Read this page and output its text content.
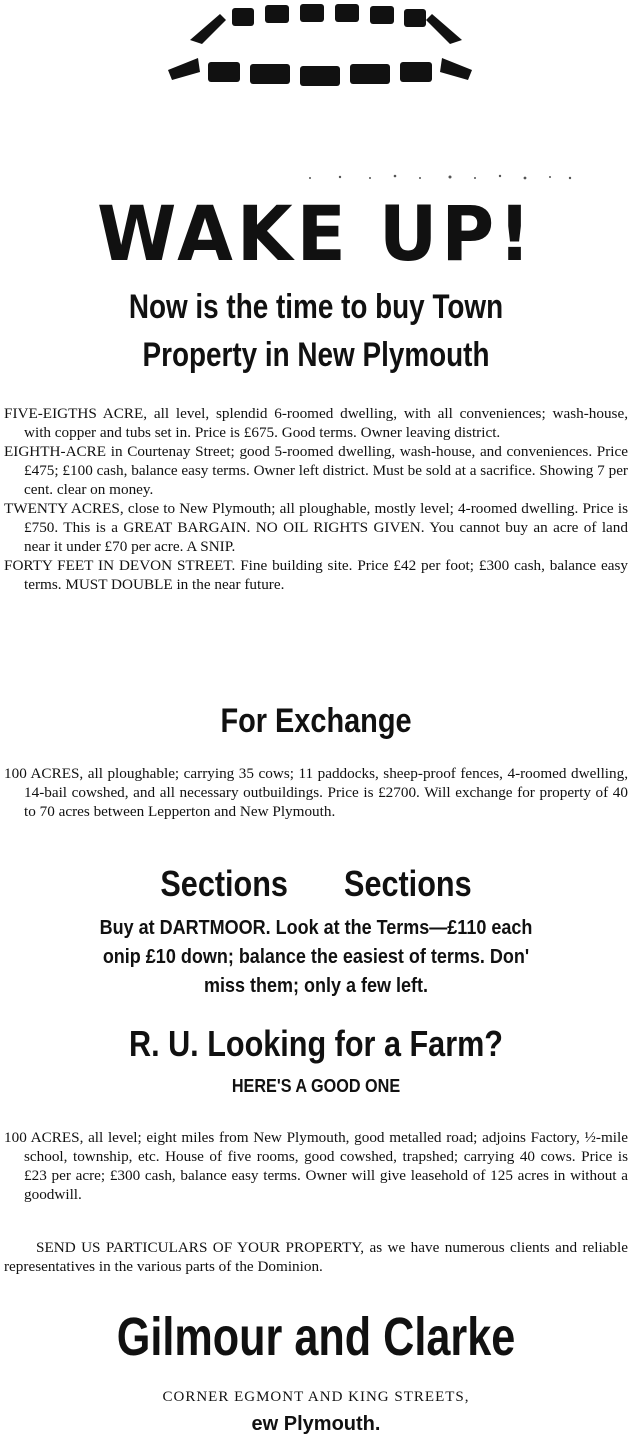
WAKE UP!
Now is the time to buy Town
Property in New Plymouth

FIVE-EIGTHS ACRE, all level, splendid 6-roomed dwelling, with all conveniences; wash-house, with copper and tubs set in. Price is £675. Good terms. Owner leaving district.

EIGHTH-ACRE in Courtenay Street; good 5-roomed dwelling, wash-house, and conveniences. Price £475; £100 cash, balance easy terms. Owner left district. Must be sold at a sacrifice. Showing 7 per cent. clear on money.

TWENTY ACRES, close to New Plymouth; all ploughable, mostly level; 4-roomed dwelling. Price is £750. This is a GREAT BARGAIN. NO OIL RIGHTS GIVEN. You cannot buy an acre of land near it under £70 per acre. A SNIP.

FORTY FEET IN DEVON STREET. Fine building site. Price £42 per foot; £300 cash, balance easy terms. MUST DOUBLE in the near future.

For Exchange

100 ACRES, all ploughable; carrying 35 cows; 11 paddocks, sheep-proof fences, 4-roomed dwelling, 14-bail cowshed, and all necessary outbuildings. Price is £2700. Will exchange for property of 40 to 70 acres between Lepperton and New Plymouth.

Sections Sections
Buy at DARTMOOR. Look at the Terms—£110 each
onip £10 down; balance the easiest of terms. Don'
miss them; only a few left.
R. U. Looking for a Farm?
HERE'S A GOOD ONE

100 ACRES, all level; eight miles from New Plymouth, good metalled road; adjoins Factory, ½-mile school, township, etc. House of five rooms, good cowshed, trapshed; carrying 40 cows. Price is £23 per acre; £300 cash, balance easy terms. Owner will give leasehold of 125 acres in without a goodwill.

SEND US PARTICULARS OF YOUR PROPERTY, as we have numerous clients and reliable representatives in the various parts of the Dominion.

Gilmour and Clarke
CORNER EGMONT AND KING STREETS,
ew Plymouth.
